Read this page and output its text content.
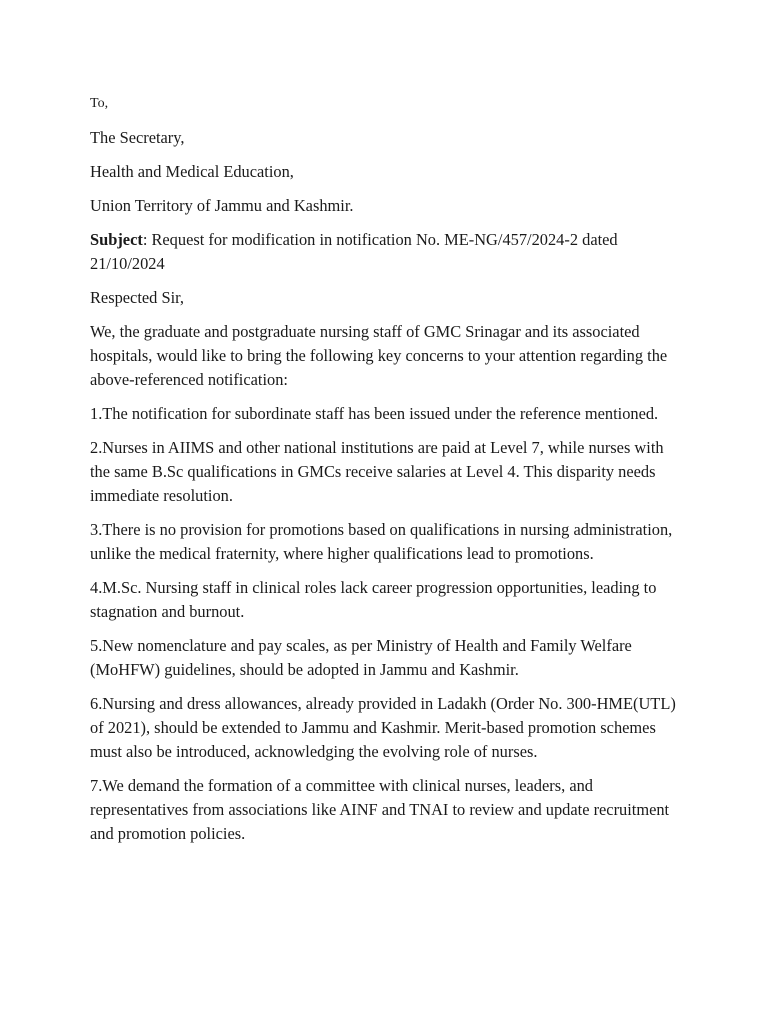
To,

The Secretary,

Health and Medical Education,

Union Territory of Jammu and Kashmir.

Subject: Request for modification in notification No. ME-NG/457/2024-2 dated 21/10/2024

Respected Sir,

We, the graduate and postgraduate nursing staff of GMC Srinagar and its associated hospitals, would like to bring the following key concerns to your attention regarding the above-referenced notification:

1.The notification for subordinate staff has been issued under the reference mentioned.

2.Nurses in AIIMS and other national institutions are paid at Level 7, while nurses with the same B.Sc qualifications in GMCs receive salaries at Level 4. This disparity needs immediate resolution.

3.There is no provision for promotions based on qualifications in nursing administration, unlike the medical fraternity, where higher qualifications lead to promotions.

4.M.Sc. Nursing staff in clinical roles lack career progression opportunities, leading to stagnation and burnout.

5.New nomenclature and pay scales, as per Ministry of Health and Family Welfare (MoHFW) guidelines, should be adopted in Jammu and Kashmir.

6.Nursing and dress allowances, already provided in Ladakh (Order No. 300-HME(UTL) of 2021), should be extended to Jammu and Kashmir. Merit-based promotion schemes must also be introduced, acknowledging the evolving role of nurses.

7.We demand the formation of a committee with clinical nurses, leaders, and representatives from associations like AINF and TNAI to review and update recruitment and promotion policies.
